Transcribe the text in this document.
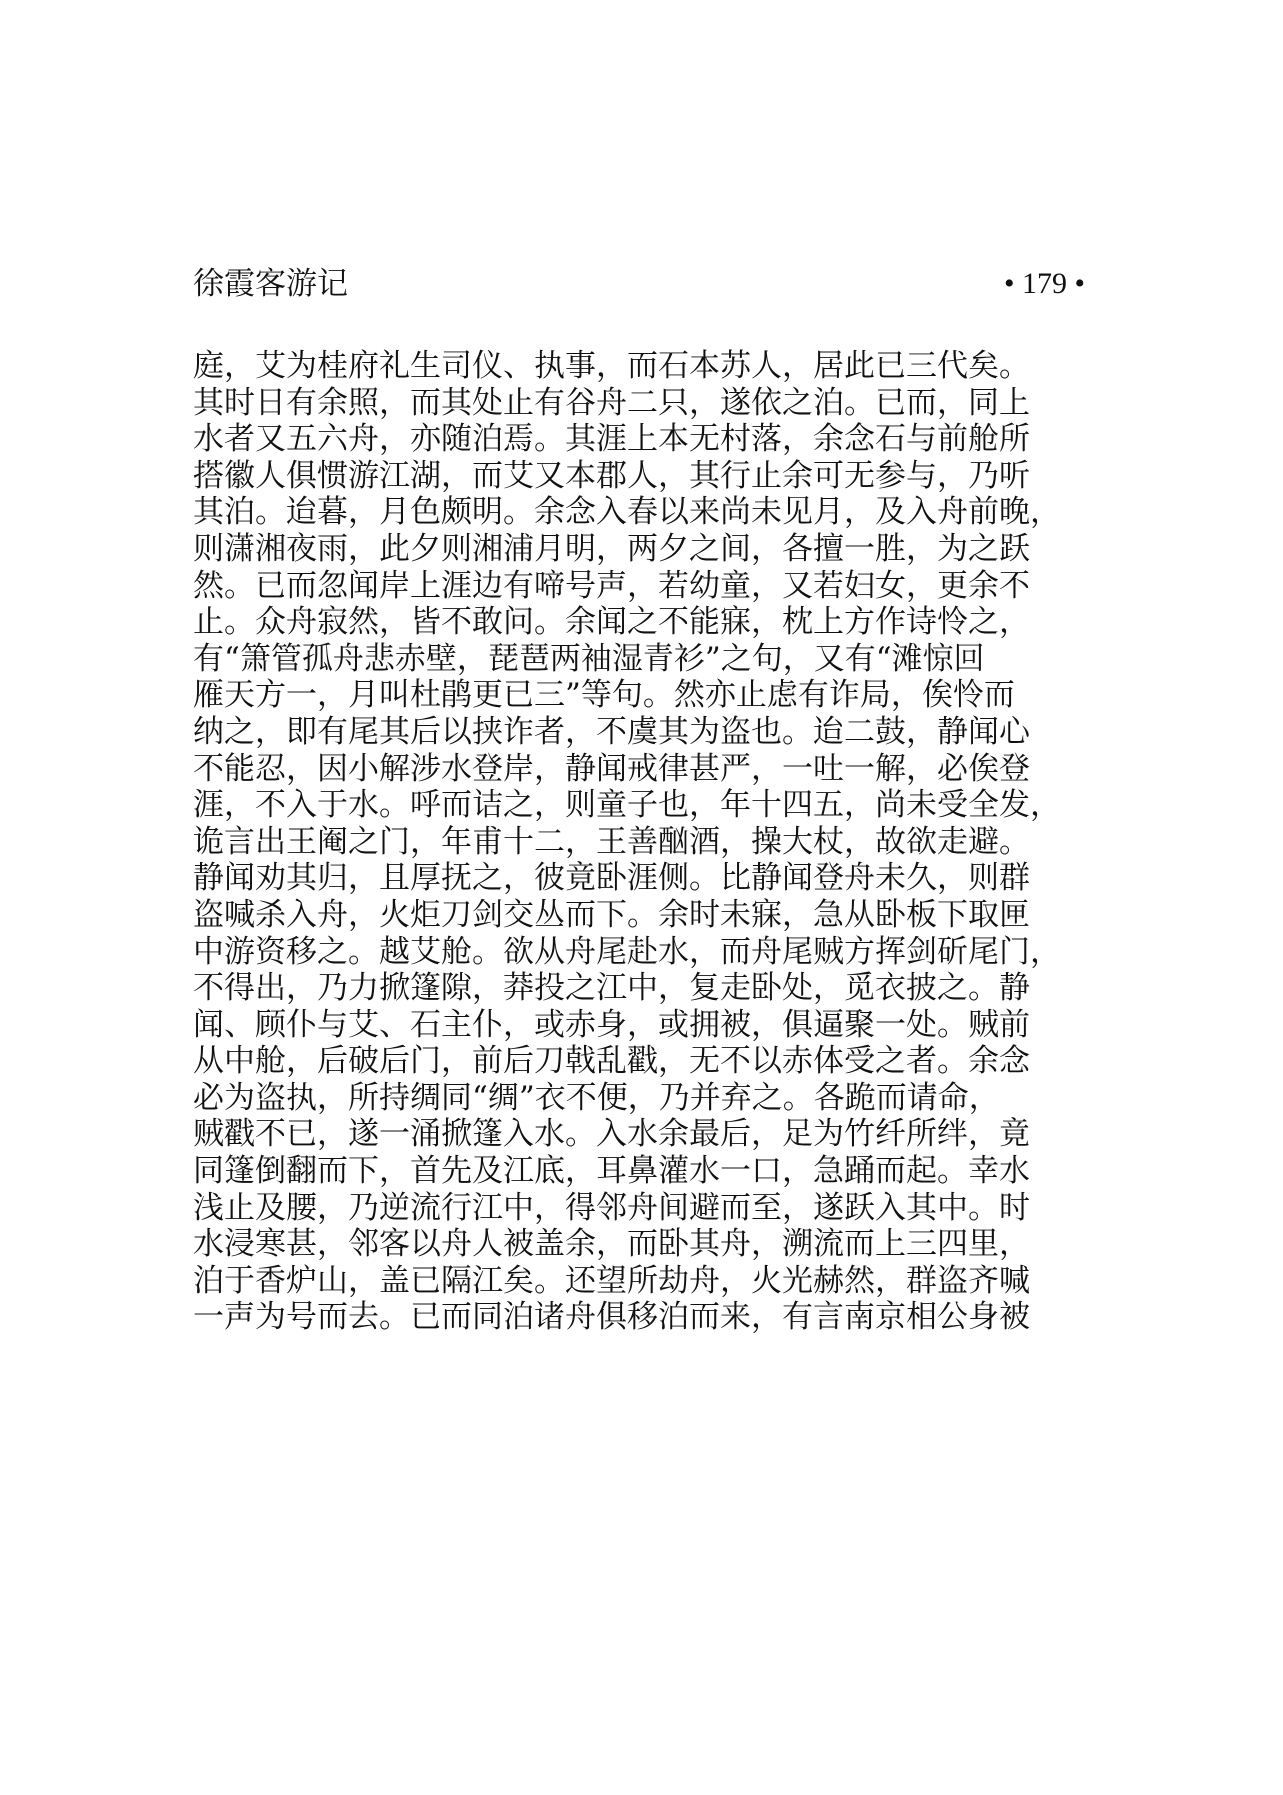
徐霞客游记	• 179 •
庭，艾为桂府礼生司仪、执事，而石本苏人，居此已三代矣。
其时日有余照，而其处止有谷舟二只，遂依之泊。已而，同上
水者又五六舟，亦随泊焉。其涯上本无村落，余念石与前舱所
搭徽人俱惯游江湖，而艾又本郡人，其行止余可无参与，乃听
其泊。迨暮，月色颇明。余念入春以来尚未见月，及入舟前晚，
则潇湘夜雨，此夕则湘浦月明，两夕之间，各擅一胜，为之跃
然。已而忽闻岸上涯边有啼号声，若幼童，又若妇女，更余不
止。众舟寂然，皆不敢问。余闻之不能寐，枕上方作诗怜之，
有“箫管孤舟悲赤壁，琵琶两袖湿青衫”之句，又有“滩惊回
雁天方一，月叫杜鹃更已三”等句。然亦止虑有诈局，俟怜而
纳之，即有尾其后以挟诈者，不虞其为盗也。迨二鼓，静闻心
不能忍，因小解涉水登岸，静闻戒律甚严，一吐一解，必俟登
涯，不入于水。呼而诘之，则童子也，年十四五，尚未受全发，
诡言出王阉之门，年甫十二，王善酗酒，操大杖，故欲走避。
静闻劝其归，且厚抚之，彼竟卧涯侧。比静闻登舟未久，则群
盗喊杀入舟，火炬刀剑交丛而下。余时未寐，急从卧板下取匣
中游资移之。越艾舱。欲从舟尾赴水，而舟尾贼方挥剑斫尾门，
不得出，乃力掀篷隙，莽投之江中，复走卧处，觅衣披之。静
闻、顾仆与艾、石主仆，或赤身，或拥被，俱逼聚一处。贼前
从中舱，后破后门，前后刀戟乱戳，无不以赤体受之者。余念
必为盗执，所持绸同“绸”衣不便，乃并弃之。各跪而请命，
贼戳不已，遂一涌掀篷入水。入水余最后，足为竹纤所绊，竟
同篷倒翻而下，首先及江底，耳鼻灌水一口，急踊而起。幸水
浅止及腰，乃逆流行江中，得邻舟间避而至，遂跃入其中。时
水浸寒甚，邻客以舟人被盖余，而卧其舟，溯流而上三四里，
泊于香炉山，盖已隔江矣。还望所劫舟，火光赫然，群盗齐喊
一声为号而去。已而同泊诸舟俱移泊而来，有言南京相公身被
